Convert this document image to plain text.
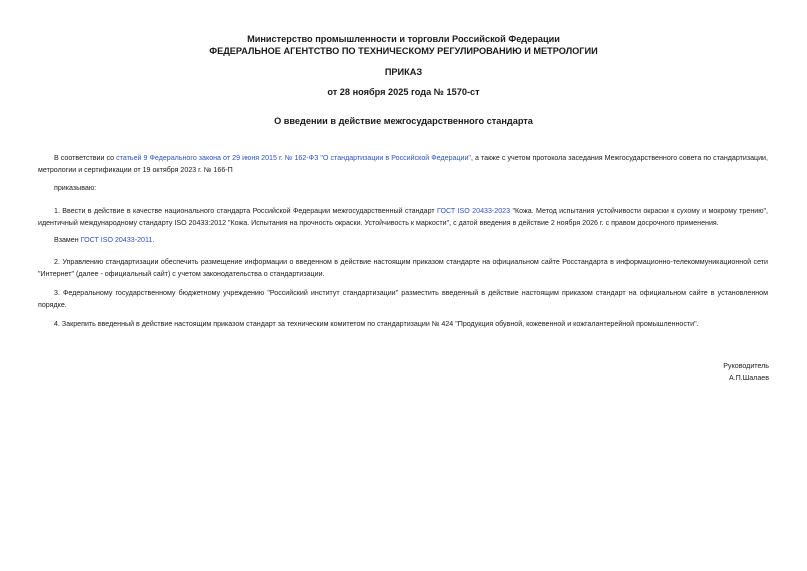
Министерство промышленности и торговли Российской Федерации
ФЕДЕРАЛЬНОЕ АГЕНТСТВО ПО ТЕХНИЧЕСКОМУ РЕГУЛИРОВАНИЮ И МЕТРОЛОГИИ
ПРИКАЗ
от 28 ноября 2025 года № 1570-ст
О введении в действие межгосударственного стандарта
В соответствии со статьей 9 Федерального закона от 29 июня 2015 г. № 162-ФЗ "О стандартизации в Российской Федерации", а также с учетом протокола заседания Межгосударственного совета по стандартизации, метрологии и сертификации от 19 октября 2023 г. № 166-П
приказываю:
1. Ввести в действие в качестве национального стандарта Российской Федерации межгосударственный стандарт ГОСТ ISO 20433-2023 "Кожа. Метод испытания устойчивости окраски к сухому и мокрому трению", идентичный международному стандарту ISO 20433:2012 "Кожа. Испытания на прочность окраски. Устойчивость к маркости", с датой введения в действие 2 ноября 2026 г. с правом досрочного применения.
Взамен ГОСТ ISO 20433-2011.
2. Управлению стандартизации обеспечить размещение информации о введенном в действие настоящим приказом стандарте на официальном сайте Росстандарта в информационно-телекоммуникационной сети "Интернет" (далее - официальный сайт) с учетом законодательства о стандартизации.
3. Федеральному государственному бюджетному учреждению "Российский институт стандартизации" разместить введенный в действие настоящим приказом стандарт на официальном сайте в установленном порядке.
4. Закрепить введенный в действие настоящим приказом стандарт за техническим комитетом по стандартизации № 424 "Продукция обувной, кожевенной и кожгалантерейной промышленности".
Руководитель
А.П.Шалаев
